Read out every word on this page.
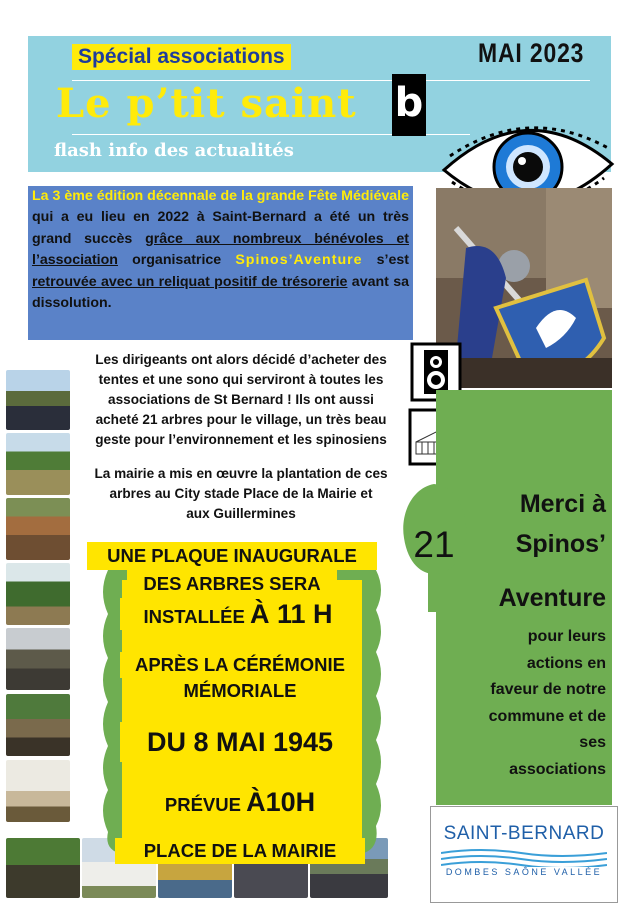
Spécial associations	MAI 2023
Le p’tit saint b
flash info des actualités
La 3 ème édition décennale de la grande Fête Médiévale qui a eu lieu en 2022 à Saint-Bernard a été un très grand succès grâce aux nombreux bénévoles et l’association organisatrice Spinos’Aventure s’est retrouvée avec un reliquat positif de trésorerie avant sa dissolution.
Les dirigeants ont alors décidé d’acheter des
tentes et une sono qui serviront à toutes les
associations de St Bernard ! Ils ont aussi
acheté 21 arbres pour le village, un très beau
geste pour l’environnement et les spinosiens
La mairie a mis en œuvre la plantation de ces
arbres au City stade Place de la Mairie et
aux Guillermines
21
Merci à
Spinos’
Aventure
pour leurs
actions en
faveur de notre
commune et de
ses
associations
UNE PLAQUE INAUGURALE
DES ARBRES SERA
INSTALLÉE À 11 H
APRÈS LA CÉRÉMONIE
MÉMORIALE
DU 8 MAI 1945
PRÉVUE À10H
PLACE DE LA MAIRIE
SAINT-BERNARD
DOMBES SAÔNE VALLÉE
